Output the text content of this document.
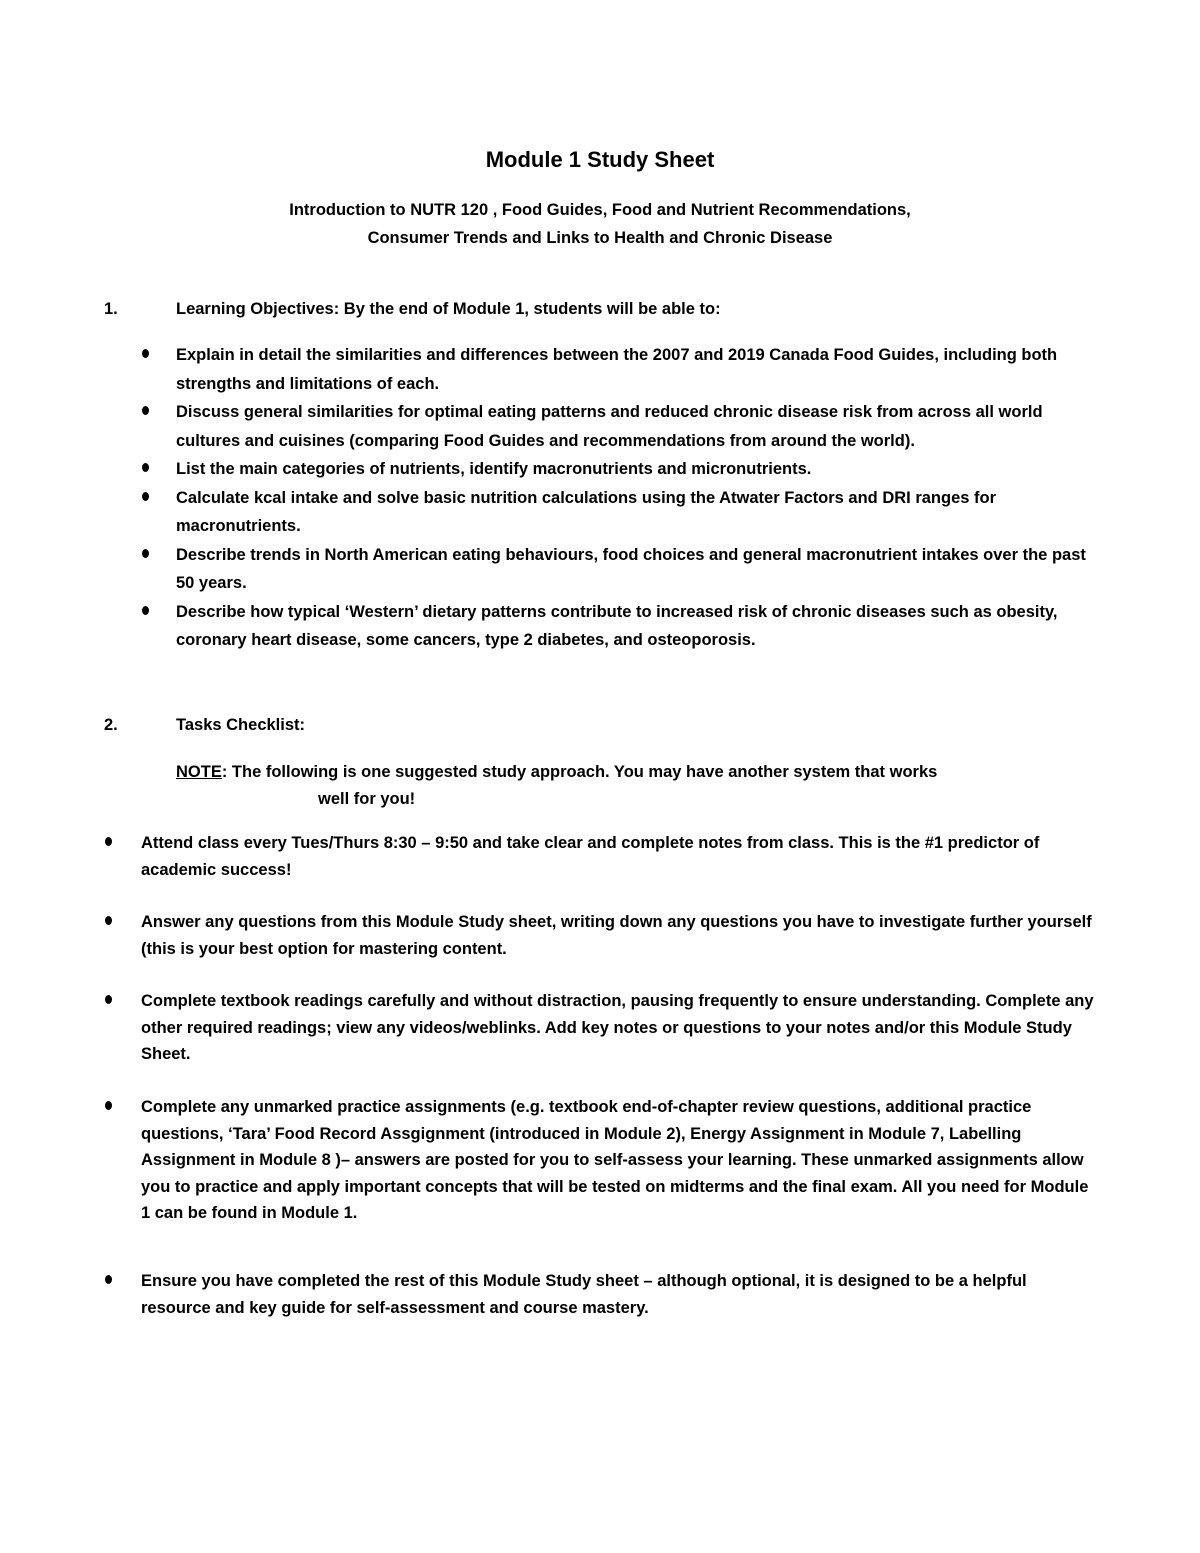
Module 1 Study Sheet
Introduction to NUTR 120 , Food Guides, Food and Nutrient Recommendations,
Consumer Trends and Links to Health and Chronic Disease
1.	Learning Objectives: By the end of Module 1, students will be able to:
Explain in detail the similarities and differences between the 2007 and 2019 Canada Food Guides, including both strengths and limitations of each.
Discuss general similarities for optimal eating patterns and reduced chronic disease risk from across all world cultures and cuisines (comparing Food Guides and recommendations from around the world).
List the main categories of nutrients, identify macronutrients and micronutrients.
Calculate kcal intake and solve basic nutrition calculations using the Atwater Factors and DRI ranges for macronutrients.
Describe trends in North American eating behaviours, food choices and general macronutrient intakes over the past 50 years.
Describe how typical ‘Western’ dietary patterns contribute to increased risk of chronic diseases such as obesity, coronary heart disease, some cancers, type 2 diabetes, and osteoporosis.
2.	Tasks Checklist:
NOTE: The following is one suggested study approach. You may have another system that works
well for you!
Attend class every Tues/Thurs 8:30 – 9:50 and take clear and complete notes from class. This is the #1 predictor of academic success!
Answer any questions from this Module Study sheet, writing down any questions you have to investigate further yourself (this is your best option for mastering content.
Complete textbook readings carefully and without distraction, pausing frequently to ensure understanding. Complete any other required readings; view any videos/weblinks. Add key notes or questions to your notes and/or this Module Study Sheet.
Complete any unmarked practice assignments (e.g. textbook end-of-chapter review questions, additional practice questions, ‘Tara’ Food Record Assgignment (introduced in Module 2), Energy Assignment in Module 7, Labelling Assignment in Module 8 )– answers are posted for you to self-assess your learning. These unmarked assignments allow you to practice and apply important concepts that will be tested on midterms and the final exam. All you need for Module 1 can be found in Module 1.
Ensure you have completed the rest of this Module Study sheet – although optional, it is designed to be a helpful resource and key guide for self-assessment and course mastery.
